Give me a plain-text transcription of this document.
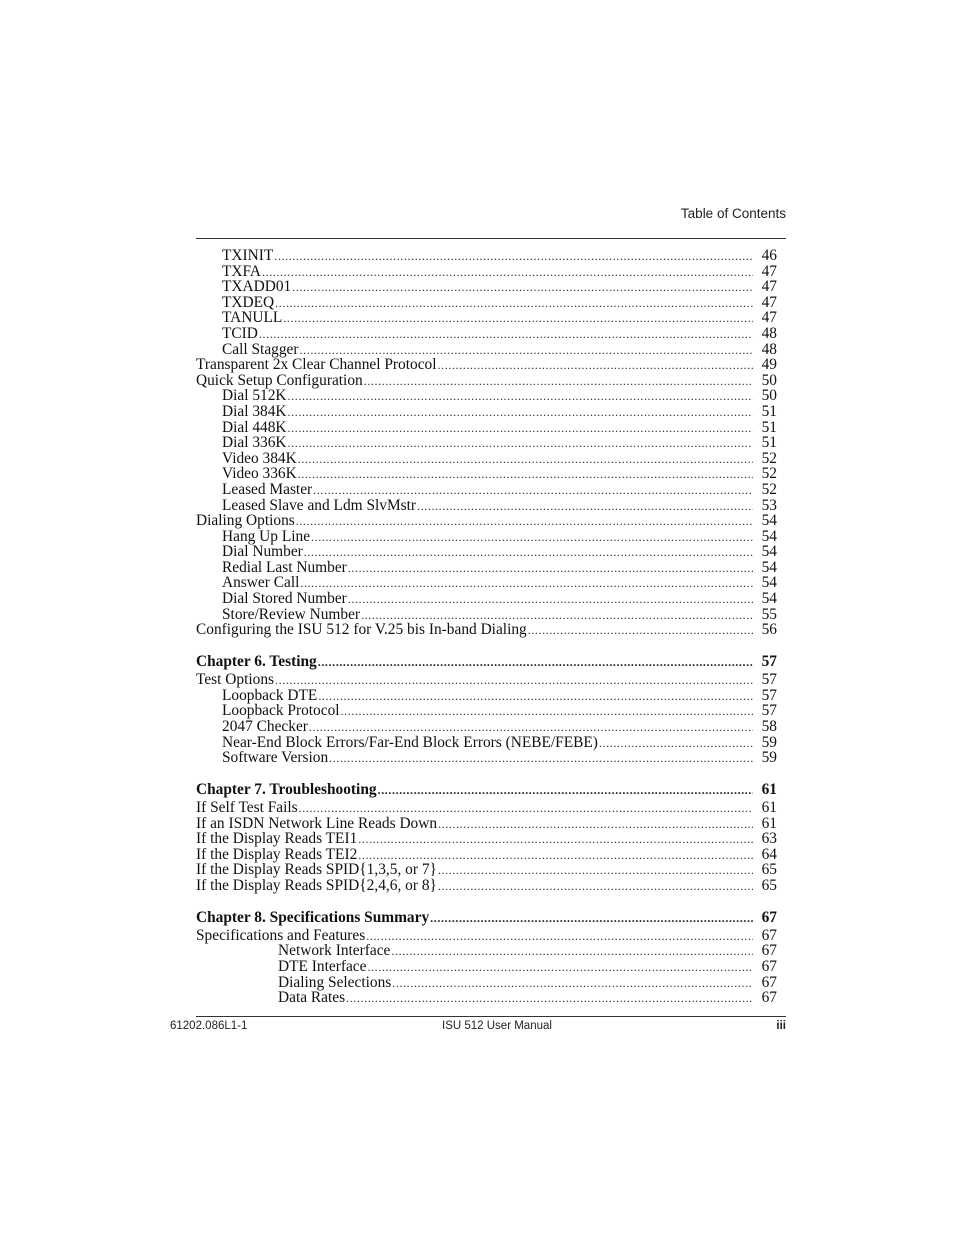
Table of Contents
TXINIT .....	46
TXFA .....	47
TXADD01 .....	47
TXDEQ .....	47
TANULL .....	47
TCID .....	48
Call Stagger .....	48
Transparent 2x Clear Channel Protocol .....	49
Quick Setup Configuration .....	50
Dial 512K .....	50
Dial 384K .....	51
Dial 448K .....	51
Dial 336K .....	51
Video 384K .....	52
Video 336K .....	52
Leased Master .....	52
Leased Slave and Ldm SlvMstr .....	53
Dialing Options .....	54
Hang Up Line .....	54
Dial Number .....	54
Redial Last Number .....	54
Answer Call .....	54
Dial Stored Number .....	54
Store/Review Number .....	55
Configuring the ISU 512 for V.25 bis In-band Dialing .....	56
Chapter 6. Testing .....	57
Test Options .....	57
Loopback DTE .....	57
Loopback Protocol .....	57
2047 Checker .....	58
Near-End Block Errors/Far-End Block Errors (NEBE/FEBE) .....	59
Software Version .....	59
Chapter 7. Troubleshooting .....	61
If Self Test Fails .....	61
If an ISDN Network Line Reads Down .....	61
If the Display Reads TEI1 .....	63
If the Display Reads TEI2 .....	64
If the Display Reads SPID{1,3,5, or 7} .....	65
If the Display Reads SPID{2,4,6, or 8} .....	65
Chapter 8. Specifications Summary .....	67
Specifications and Features .....	67
Network Interface .....	67
DTE Interface .....	67
Dialing Selections .....	67
Data Rates .....	67
61202.086L1-1	ISU 512 User Manual	iii
